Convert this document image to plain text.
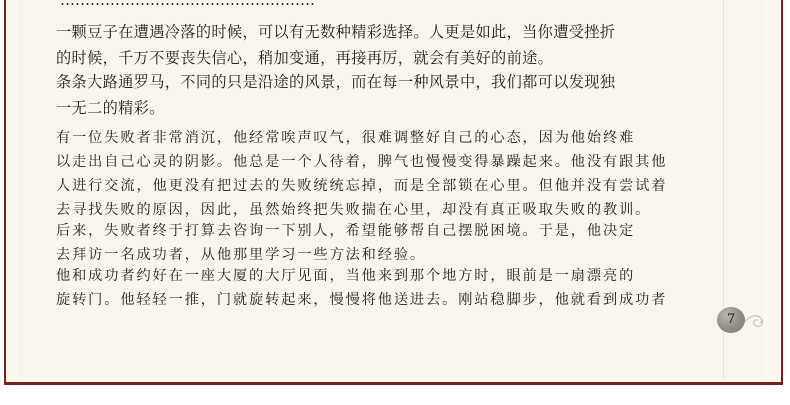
……………………………………………

一颗豆子在遭遇冷落的时候，可以有无数种精彩选择。人更是如此，当你遭受挫折
的时候，千万不要丧失信心，稍加变通，再接再厉，就会有美好的前途。

条条大路通罗马，不同的只是沿途的风景，而在每一种风景中，我们都可以发现独
一无二的精彩。

有一位失败者非常消沉，他经常唉声叹气，很难调整好自己的心态，因为他始终难
以走出自己心灵的阴影。他总是一个人待着，脾气也慢慢变得暴躁起来。他没有跟其他
人进行交流，他更没有把过去的失败统统忘掉，而是全部锁在心里。但他并没有尝试着
去寻找失败的原因，因此，虽然始终把失败揣在心里，却没有真正吸取失败的教训。

后来，失败者终于打算去咨询一下别人，希望能够帮自己摆脱困境。于是，他决定
去拜访一名成功者，从他那里学习一些方法和经验。

他和成功者约好在一座大厦的大厅见面，当他来到那个地方时，眼前是一扇漂亮的
旋转门。他轻轻一推，门就旋转起来，慢慢将他送进去。刚站稳脚步，他就看到成功者

7
